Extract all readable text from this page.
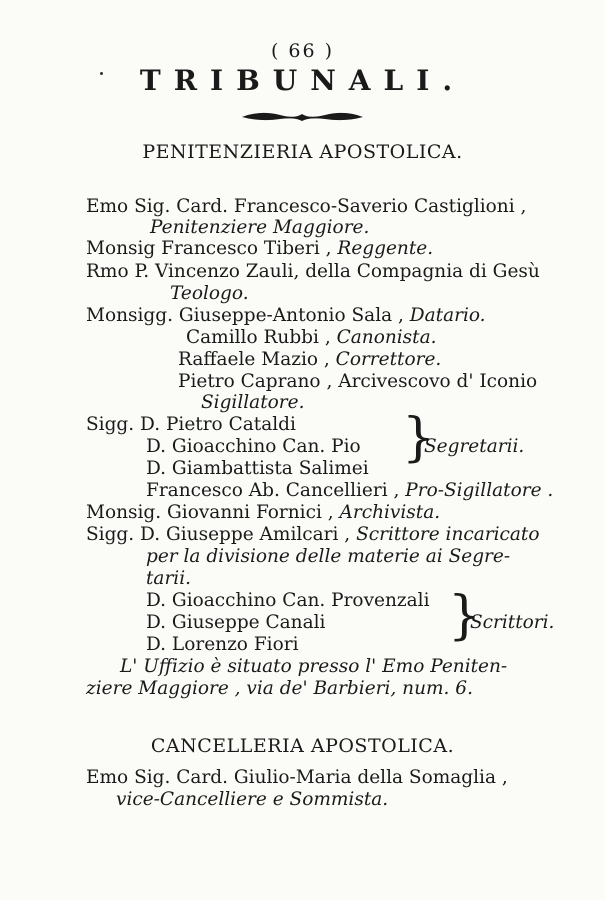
( 66 )
TRIBUNALI.
PENITENZIERIA APOSTOLICA.
Emo Sig. Card. Francesco-Saverio Castiglioni ,
Penitenziere Maggiore.
Monsig Francesco Tiberi , Reggente.
Rmo P. Vincenzo Zauli, della Compagnia di Gesù
Teologo.
Monsigg. Giuseppe-Antonio Sala , Datario.
Camillo Rubbi , Canonista.
Raffaele Mazio , Correttore.
Pietro Caprano , Arcivescovo d' Iconio
Sigillatore.
Sigg. D. Pietro Cataldi
D. Gioacchino Can. Pio
D. Giambattista Salimei
}
Segretarii.
Francesco Ab. Cancellieri , Pro-Sigillatore .
Monsig. Giovanni Fornici , Archivista.
Sigg. D. Giuseppe Amilcari , Scrittore incaricato
per la divisione delle materie ai Segre-
tarii.
D. Gioacchino Can. Provenzali
D. Giuseppe Canali
D. Lorenzo Fiori	}
Scrittori.
L' Uffizio è situato presso l' Emo Peniten-
ziere Maggiore , via de' Barbieri, num. 6.
CANCELLERIA APOSTOLICA.
Emo Sig. Card. Giulio-Maria della Somaglia ,
vice-Cancelliere e Sommista.
